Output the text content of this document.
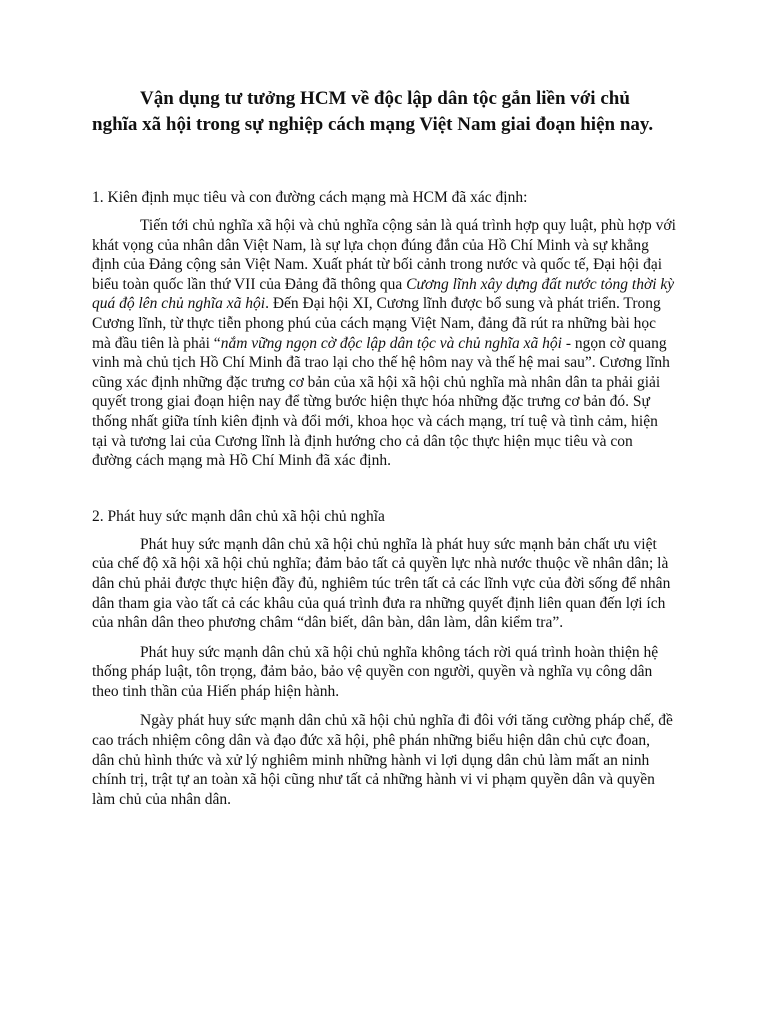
Vận dụng tư tưởng HCM về độc lập dân tộc gắn liền với chủ nghĩa xã hội trong sự nghiệp cách mạng Việt Nam giai đoạn hiện nay.

1. Kiên định mục tiêu và con đường cách mạng mà HCM đã xác định:

Tiến tới chủ nghĩa xã hội và chủ nghĩa cộng sản là quá trình hợp quy luật, phù hợp với khát vọng của nhân dân Việt Nam, là sự lựa chọn đúng đắn của Hồ Chí Minh và sự khẳng định của Đảng cộng sản Việt Nam. Xuất phát từ bối cảnh trong nước và quốc tế, Đại hội đại biểu toàn quốc lần thứ VII của Đảng đã thông qua Cương lĩnh xây dựng đất nước tỏng thời kỳ quá độ lên chủ nghĩa xã hội. Đến Đại hội XI, Cương lĩnh được bổ sung và phát triển. Trong Cương lĩnh, từ thực tiễn phong phú của cách mạng Việt Nam, đảng đã rút ra những bài học mà đầu tiên là phải “nắm vững ngọn cờ độc lập dân tộc và chủ nghĩa xã hội - ngọn cờ quang vinh mà chủ tịch Hồ Chí Minh đã trao lại cho thế hệ hôm nay và thế hệ mai sau”. Cương lĩnh cũng xác định những đặc trưng cơ bản của xã hội xã hội chủ nghĩa mà nhân dân ta phải giải quyết trong giai đoạn hiện nay để từng bước hiện thực hóa những đặc trưng cơ bản đó. Sự thống nhất giữa tính kiên định và đổi mới, khoa học và cách mạng, trí tuệ và tình cảm, hiện tại và tương lai của Cương lĩnh là định hướng cho cả dân tộc thực hiện mục tiêu và con đường cách mạng mà Hồ Chí Minh đã xác định.

2. Phát huy sức mạnh dân chủ xã hội chủ nghĩa

Phát huy sức mạnh dân chủ xã hội chủ nghĩa là phát huy sức mạnh bản chất ưu việt của chế độ xã hội xã hội chủ nghĩa; đảm bảo tất cả quyền lực nhà nước thuộc về nhân dân; là dân chủ phải được thực hiện đầy đủ, nghiêm túc trên tất cả các lĩnh vực của đời sống để nhân dân tham gia vào tất cả các khâu của quá trình đưa ra những quyết định liên quan đến lợi ích của nhân dân theo phương châm “dân biết, dân bàn, dân làm, dân kiểm tra”.

Phát huy sức mạnh dân chủ xã hội chủ nghĩa không tách rời quá trình hoàn thiện hệ thống pháp luật, tôn trọng, đảm bảo, bảo vệ quyền con người, quyền và nghĩa vụ công dân theo tinh thần của Hiến pháp hiện hành.

Ngày phát huy sức mạnh dân chủ xã hội chủ nghĩa đi đôi với tăng cường pháp chế, đề cao trách nhiệm công dân và đạo đức xã hội, phê phán những biểu hiện dân chủ cực đoan, dân chủ hình thức và xử lý nghiêm minh những hành vi lợi dụng dân chủ làm mất an ninh chính trị, trật tự an toàn xã hội cũng như tất cả những hành vi vi phạm quyền dân và quyền làm chủ của nhân dân.
